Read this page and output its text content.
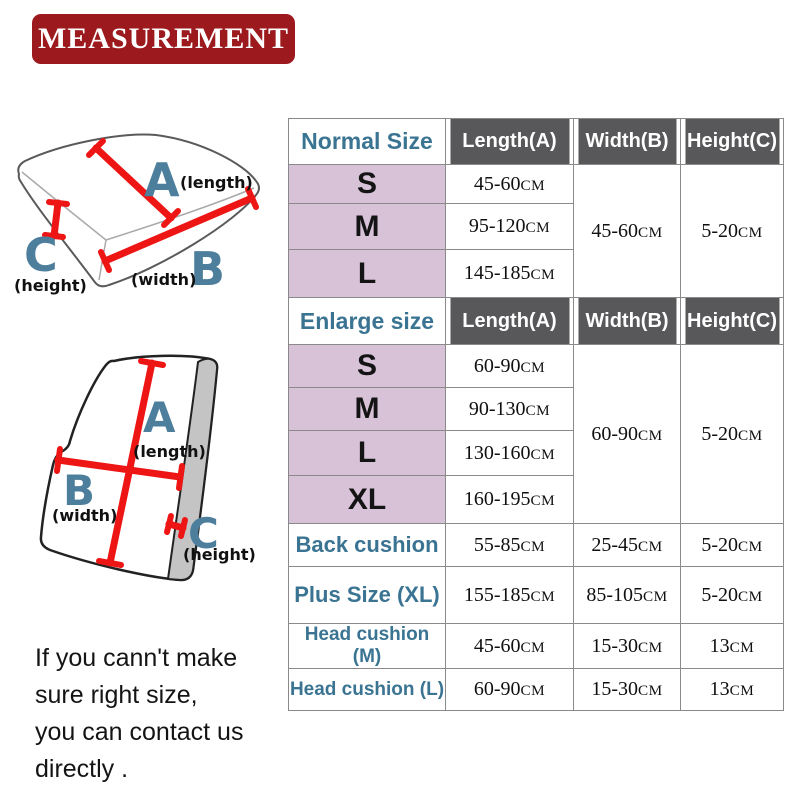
MEASUREMENT
A (length)
B
(width)
C
(height)
A
(length)
B
(width) C
(height)
If you cann't make
sure right size,
you can contact us
directly .
Normal Size	Length(A)	Width(B)	Height(C)
S	45-60CM	45-60CM	5-20CM
M	95-120CM		
L	145-185CM		
Enlarge size	Length(A)	Width(B)	Height(C)
S	60-90CM	60-90CM	5-20CM
M	90-130CM		
L	130-160CM		
XL	160-195CM		
Back cushion	55-85CM	25-45CM	5-20CM
Plus Size (XL)	155-185CM	85-105CM	5-20CM
Head cushion (M)	45-60CM	15-30CM	13CM
Head cushion (L)	60-90CM	15-30CM	13CM
